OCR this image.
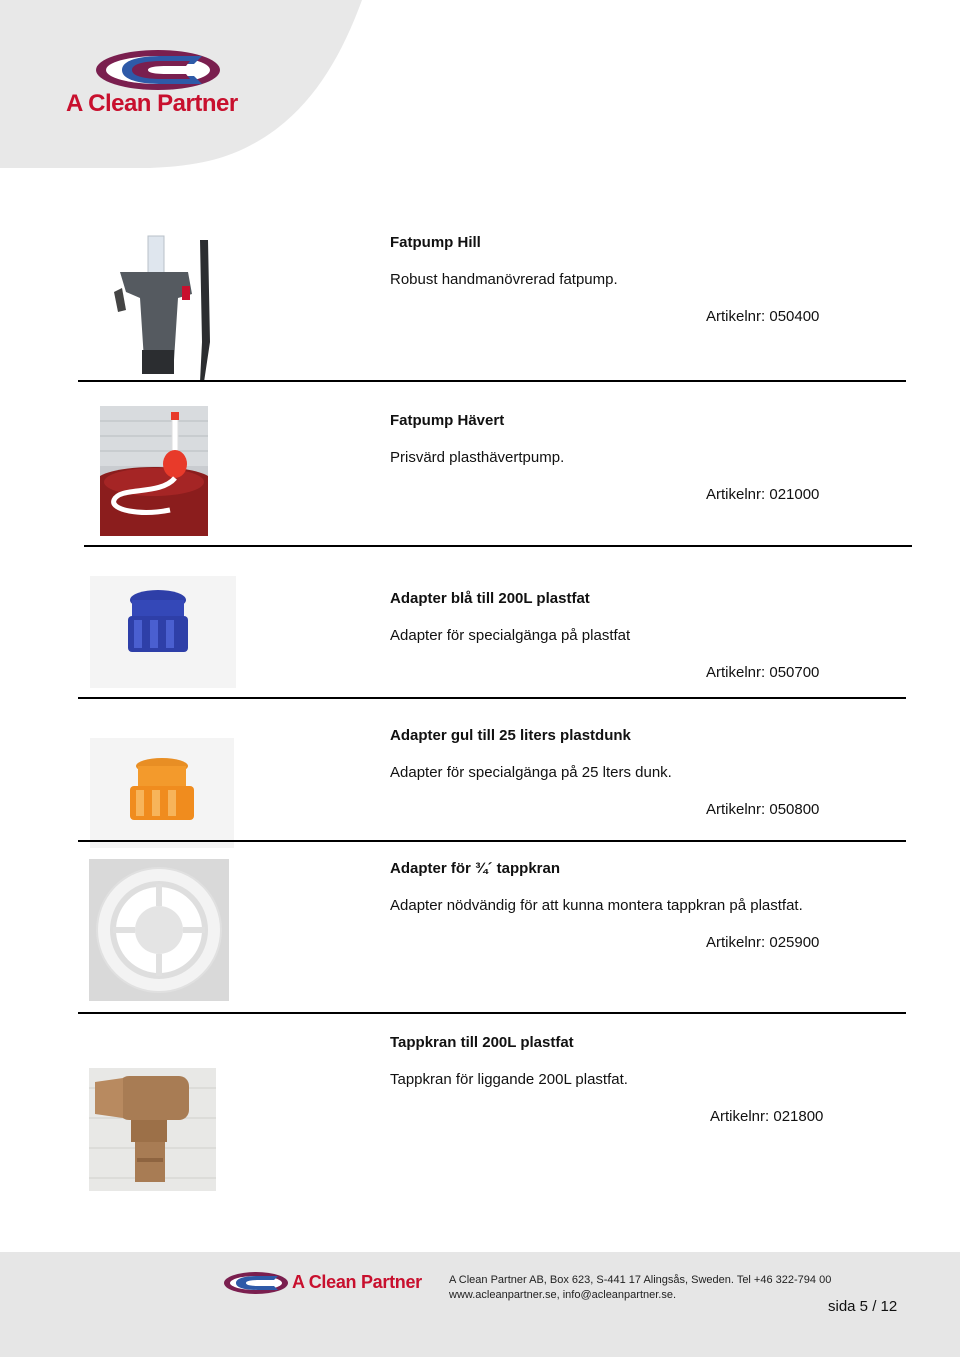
A Clean Partner
Fatpump Hill
Robust handmanövrerad fatpump.
Artikelnr: 050400
Fatpump Hävert
Prisvärd plasthävertpump.
Artikelnr: 021000
Adapter blå till 200L plastfat
Adapter för specialgänga på plastfat
Artikelnr: 050700
Adapter gul till 25 liters plastdunk
Adapter för specialgänga på 25 lters dunk.
Artikelnr: 050800
Adapter för ¾´ tappkran
Adapter nödvändig för att kunna montera tappkran på plastfat.
Artikelnr: 025900
Tappkran till 200L plastfat
Tappkran för liggande 200L plastfat.
Artikelnr: 021800
A Clean Partner A Clean Partner AB, Box 623, S-441 17 Alingsås, Sweden. Tel +46 322-794 00
www.acleanpartner.se, info@acleanpartner.se.
sida 5 / 12
